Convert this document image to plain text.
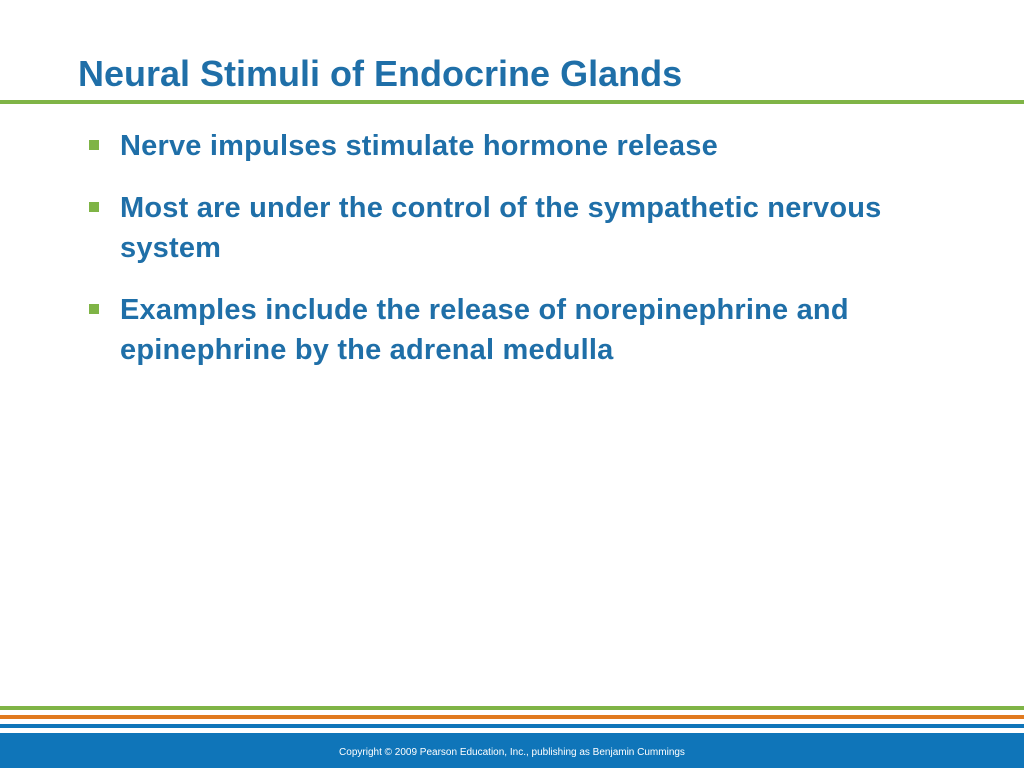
Neural Stimuli of Endocrine Glands
Nerve impulses stimulate hormone release
Most are under the control of the sympathetic nervous system
Examples include the release of norepinephrine and epinephrine by the adrenal medulla
Copyright © 2009 Pearson Education, Inc., publishing as Benjamin Cummings
